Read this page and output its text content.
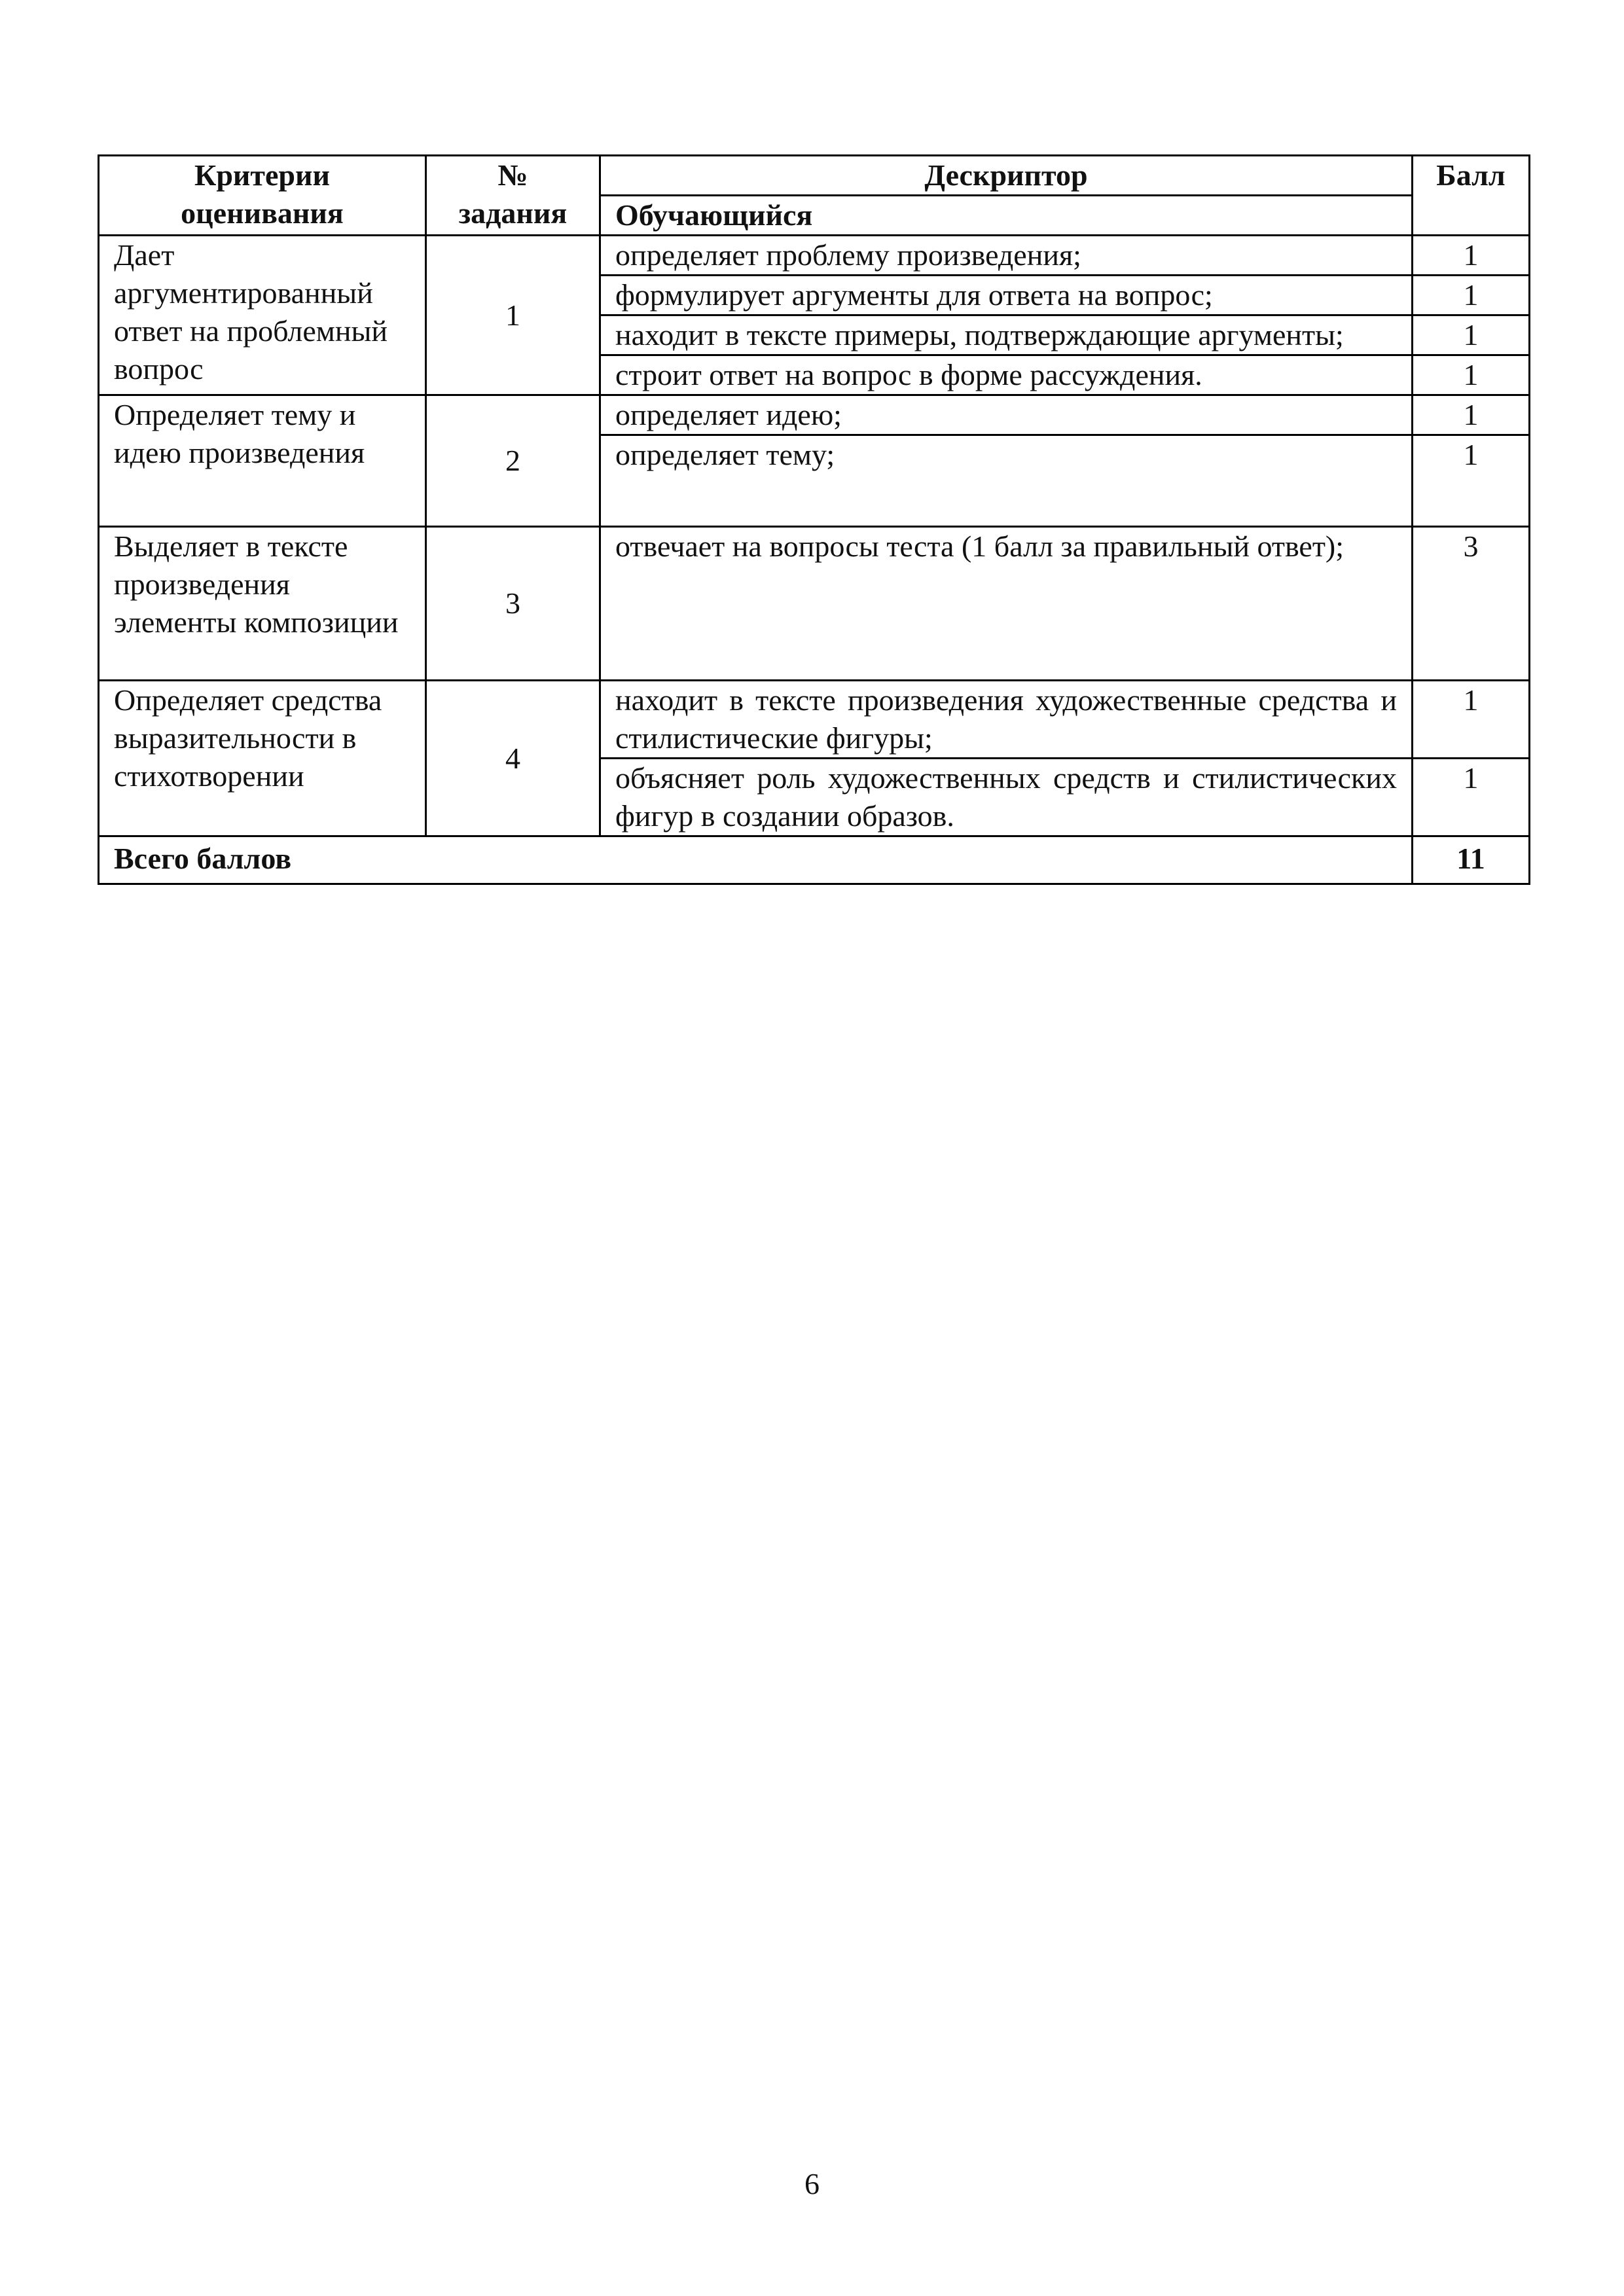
Критерии оценивания	№ задания	Дескриптор	Балл
		Обучающийся	
Дает аргументированный ответ на проблемный вопрос	1	определяет проблему произведения;	1
		формулирует аргументы для ответа на вопрос;	1
		находит в тексте примеры, подтверждающие аргументы;	1
		строит ответ на вопрос в форме рассуждения.	1
Определяет тему и идею произведения	2	определяет идею;	1
		определяет тему;	1
Выделяет в тексте произведения элементы композиции	3	отвечает на вопросы теста (1 балл за правильный ответ);	3
Определяет средства выразительности в стихотворении	4	находит в тексте произведения художественные средства и стилистические фигуры;	1
		объясняет роль художественных средств и стилистических фигур в создании образов.	1
Всего баллов			11
6
